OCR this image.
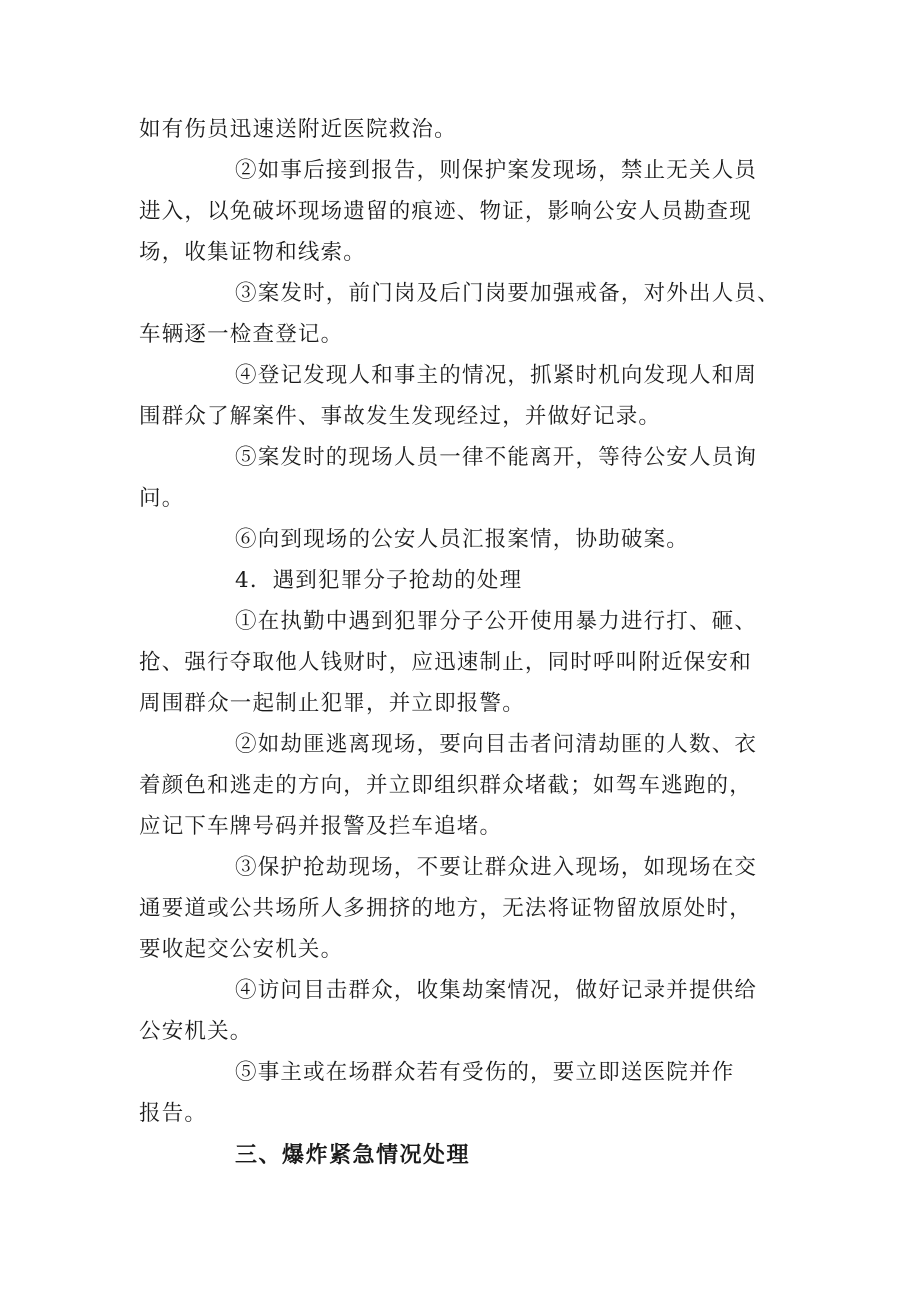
如有伤员迅速送附近医院救治。
②如事后接到报告，则保护案发现场，禁止无关人员
进入，以免破坏现场遗留的痕迹、物证，影响公安人员勘查现
场，收集证物和线索。
③案发时，前门岗及后门岗要加强戒备，对外出人员、
车辆逐一检查登记。
④登记发现人和事主的情况，抓紧时机向发现人和周
围群众了解案件、事故发生发现经过，并做好记录。
⑤案发时的现场人员一律不能离开，等待公安人员询
问。
⑥向到现场的公安人员汇报案情，协助破案。
4．遇到犯罪分子抢劫的处理
①在执勤中遇到犯罪分子公开使用暴力进行打、砸、
抢、强行夺取他人钱财时，应迅速制止，同时呼叫附近保安和
周围群众一起制止犯罪，并立即报警。
②如劫匪逃离现场，要向目击者问清劫匪的人数、衣
着颜色和逃走的方向，并立即组织群众堵截；如驾车逃跑的，
应记下车牌号码并报警及拦车追堵。
③保护抢劫现场，不要让群众进入现场，如现场在交
通要道或公共场所人多拥挤的地方，无法将证物留放原处时，
要收起交公安机关。
④访问目击群众，收集劫案情况，做好记录并提供给
公安机关。
⑤事主或在场群众若有受伤的，要立即送医院并作
报告。
三、爆炸紧急情况处理
